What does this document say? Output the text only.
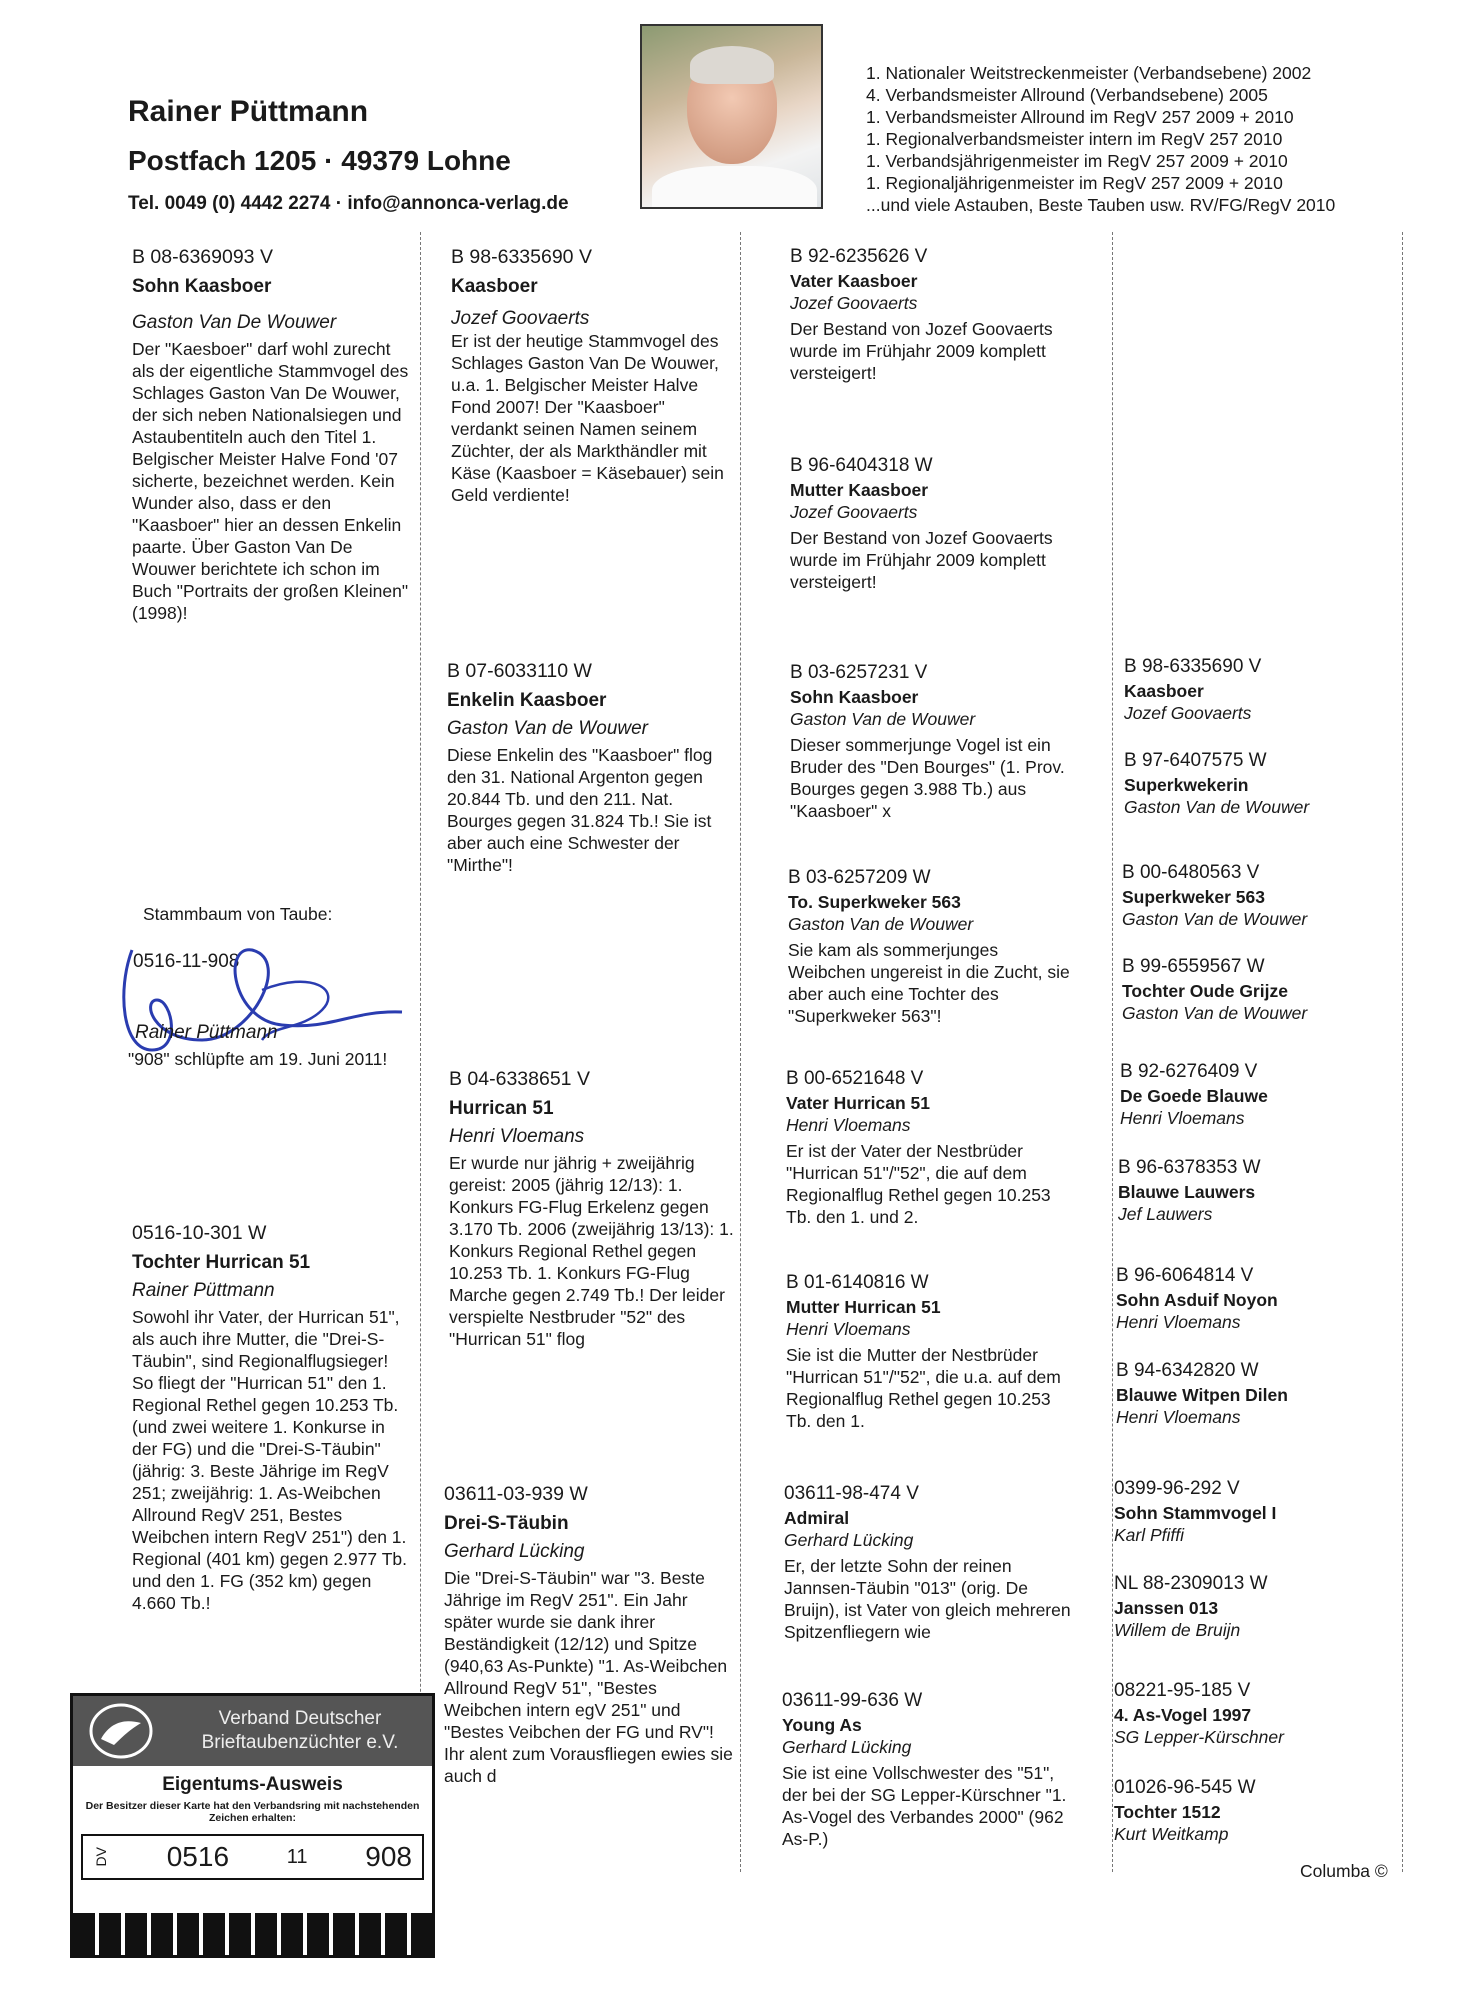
Rainer Püttmann
Postfach 1205 · 49379 Lohne
Tel. 0049 (0) 4442 2274 · info@annonca-verlag.de
1. Nationaler Weitstreckenmeister (Verbandsebene) 2002
4. Verbandsmeister Allround (Verbandsebene) 2005
1. Verbandsmeister Allround im RegV 257 2009 + 2010
1. Regionalverbandsmeister intern im RegV 257 2010
1. Verbandsjährigenmeister im RegV 257 2009 + 2010
1. Regionaljährigenmeister im RegV 257 2009 + 2010
...und viele Astauben, Beste Tauben usw. RV/FG/RegV 2010
B 08-6369093 V
Sohn Kaasboer
Gaston Van De Wouwer
Der "Kaesboer" darf wohl zurecht als der eigentliche Stammvogel des Schlages Gaston Van De Wouwer, der sich neben Nationalsiegen und Astaubentiteln auch den Titel 1. Belgischer Meister Halve Fond '07 sicherte, bezeichnet werden. Kein Wunder also, dass er den "Kaasboer" hier an dessen Enkelin paarte. Über Gaston Van De Wouwer berichtete ich schon im Buch "Portraits der großen Kleinen" (1998)!
Stammbaum von Taube:
0516-11-908
Rainer Püttmann
"908" schlüpfte am 19. Juni 2011!
0516-10-301 W
Tochter Hurrican 51
Rainer Püttmann
Sowohl ihr Vater, der Hurrican 51", als auch ihre Mutter, die "Drei-S-Täubin", sind Regionalflugsieger! So fliegt der "Hurrican 51" den 1. Regional Rethel gegen 10.253 Tb. (und zwei weitere 1. Konkurse in der FG) und die "Drei-S-Täubin" (jährig: 3. Beste Jährige im RegV 251; zweijährig: 1. As-Weibchen Allround RegV 251, Bestes Weibchen intern RegV 251") den 1. Regional (401 km) gegen 2.977 Tb. und den 1. FG (352 km) gegen 4.660 Tb.!
Verband Deutscher
Brieftaubenzüchter e.V.
Eigentums-Ausweis
Der Besitzer dieser Karte hat den Verbandsring mit nachstehenden Zeichen erhalten:
DV 0516	11 908
B 98-6335690 V
Kaasboer
Jozef Goovaerts
Er ist der heutige Stammvogel des Schlages Gaston Van De Wouwer, u.a. 1. Belgischer Meister Halve Fond 2007! Der "Kaasboer" verdankt seinen Namen seinem Züchter, der als Markthändler mit Käse (Kaasboer = Käsebauer) sein Geld verdiente!
B 07-6033110 W
Enkelin Kaasboer
Gaston Van de Wouwer
Diese Enkelin des "Kaasboer" flog den 31. National Argenton gegen 20.844 Tb. und den 211. Nat. Bourges gegen 31.824 Tb.! Sie ist aber auch eine Schwester der "Mirthe"!
B 04-6338651 V
Hurrican 51
Henri Vloemans
Er wurde nur jährig + zweijährig gereist: 2005 (jährig 12/13): 1. Konkurs FG-Flug Erkelenz gegen 3.170 Tb. 2006 (zweijährig 13/13): 1. Konkurs Regional Rethel gegen 10.253 Tb. 1. Konkurs FG-Flug Marche gegen 2.749 Tb.! Der leider verspielte Nestbruder "52" des "Hurrican 51" flog
03611-03-939 W
Drei-S-Täubin
Gerhard Lücking
Die "Drei-S-Täubin" war "3. Beste Jährige im RegV 251". Ein Jahr später wurde sie dank ihrer Beständigkeit (12/12) und Spitze (940,63 As-Punkte) "1. As-Weibchen Allround RegV 51", "Bestes Weibchen intern egV 251" und "Bestes Veibchen der FG und RV"! Ihr alent zum Vorausfliegen ewies sie auch d
B 92-6235626 V
Vater Kaasboer
Jozef Goovaerts
Der Bestand von Jozef Goovaerts wurde im Frühjahr 2009 komplett versteigert!
B 96-6404318 W
Mutter Kaasboer
Jozef Goovaerts
Der Bestand von Jozef Goovaerts wurde im Frühjahr 2009 komplett versteigert!
B 03-6257231 V
Sohn Kaasboer
Gaston Van de Wouwer
Dieser sommerjunge Vogel ist ein Bruder des "Den Bourges" (1. Prov. Bourges gegen 3.988 Tb.) aus "Kaasboer" x
B 03-6257209 W
To. Superkweker 563
Gaston Van de Wouwer
Sie kam als sommerjunges Weibchen ungereist in die Zucht, sie aber auch eine Tochter des "Superkweker 563"!
B 00-6521648 V
Vater Hurrican 51
Henri Vloemans
Er ist der Vater der Nestbrüder "Hurrican 51"/"52", die auf dem Regionalflug Rethel gegen 10.253 Tb. den 1. und 2.
B 01-6140816 W
Mutter Hurrican 51
Henri Vloemans
Sie ist die Mutter der Nestbrüder "Hurrican 51"/"52", die u.a. auf dem Regionalflug Rethel gegen 10.253 Tb. den 1.
03611-98-474 V
Admiral
Gerhard Lücking
Er, der letzte Sohn der reinen Jannsen-Täubin "013" (orig. De Bruijn), ist Vater von gleich mehreren Spitzenfliegern wie
03611-99-636 W
Young As
Gerhard Lücking
Sie ist eine Vollschwester des "51", der bei der SG Lepper-Kürschner "1. As-Vogel des Verbandes 2000" (962 As-P.)
B 98-6335690 V
Kaasboer
Jozef Goovaerts
B 97-6407575 W
Superkwekerin
Gaston Van de Wouwer
B 00-6480563 V
Superkweker 563
Gaston Van de Wouwer
B 99-6559567 W
Tochter Oude Grijze
Gaston Van de Wouwer
B 92-6276409 V
De Goede Blauwe
Henri Vloemans
B 96-6378353 W
Blauwe Lauwers
Jef Lauwers
B 96-6064814 V
Sohn Asduif Noyon
Henri Vloemans
B 94-6342820 W
Blauwe Witpen Dilen
Henri Vloemans
0399-96-292 V
Sohn Stammvogel I
Karl Pfiffi
NL 88-2309013 W
Janssen 013
Willem de Bruijn
08221-95-185 V
4. As-Vogel 1997
SG Lepper-Kürschner
01026-96-545 W
Tochter 1512
Kurt Weitkamp
Columba ©
